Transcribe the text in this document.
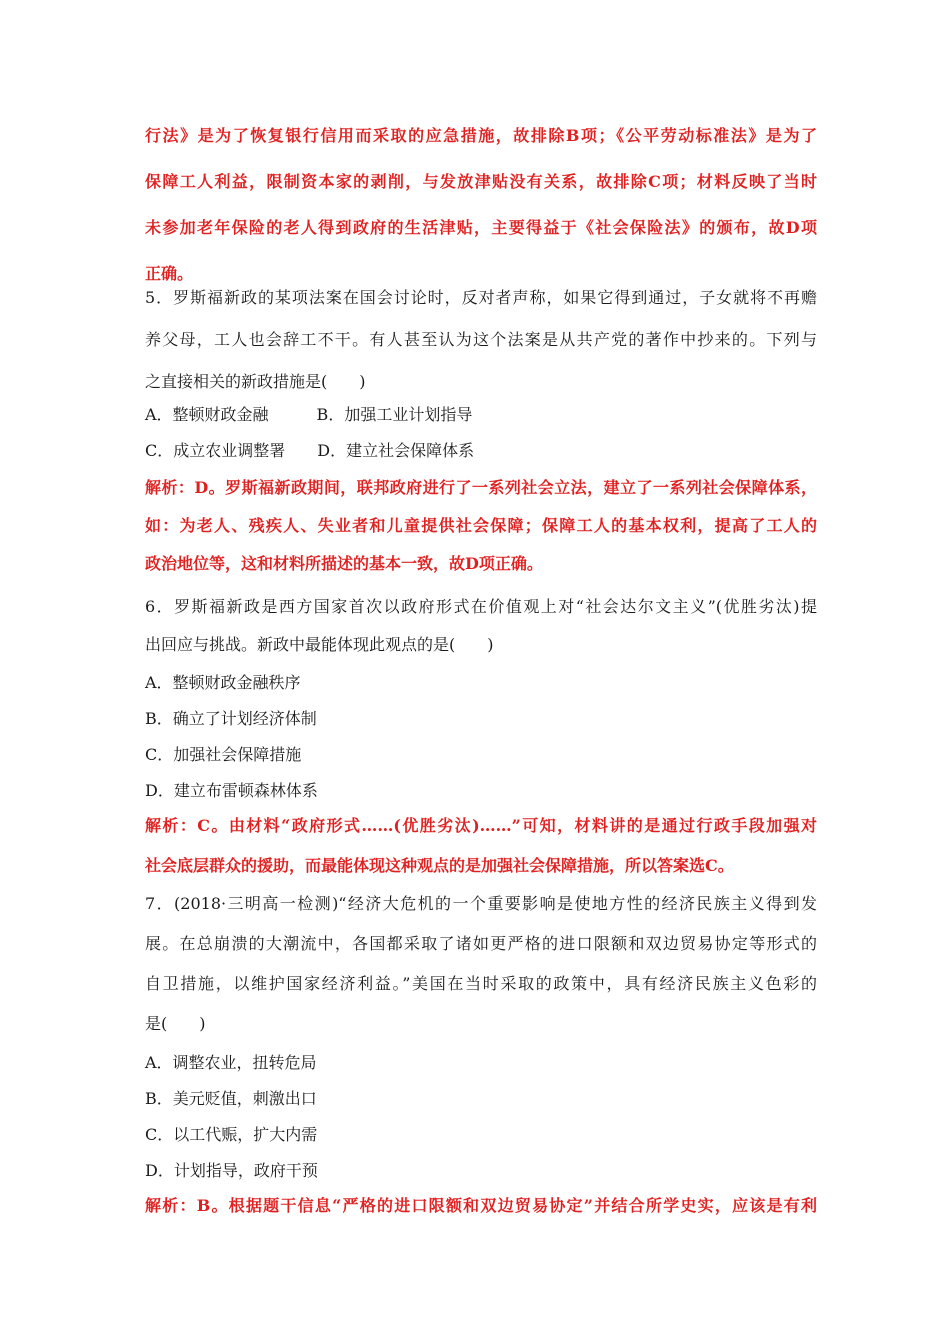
行法》是为了恢复银行信用而采取的应急措施，故排除B项；《公平劳动标准法》是为了
保障工人利益，限制资本家的剥削，与发放津贴没有关系，故排除C项；材料反映了当时
未参加老年保险的老人得到政府的生活津贴，主要得益于《社会保险法》的颁布，故D项
正确。
5．罗斯福新政的某项法案在国会讨论时，反对者声称，如果它得到通过，子女就将不再赡
养父母，工人也会辞工不干。有人甚至认为这个法案是从共产党的著作中抄来的。下列与
之直接相关的新政措施是(　　)
A．整顿财政金融　　　B．加强工业计划指导
C．成立农业调整署　　D．建立社会保障体系
解析：D。罗斯福新政期间，联邦政府进行了一系列社会立法，建立了一系列社会保障体系，
如：为老人、残疾人、失业者和儿童提供社会保障；保障工人的基本权利，提高了工人的
政治地位等，这和材料所描述的基本一致，故D项正确。
6．罗斯福新政是西方国家首次以政府形式在价值观上对“社会达尔文主义”(优胜劣汰)提
出回应与挑战。新政中最能体现此观点的是(　　)
A．整顿财政金融秩序
B．确立了计划经济体制
C．加强社会保障措施
D．建立布雷顿森林体系
解析：C。由材料“政府形式……(优胜劣汰)……”可知，材料讲的是通过行政手段加强对
社会底层群众的援助，而最能体现这种观点的是加强社会保障措施，所以答案选C。
7．(2018·三明高一检测)“经济大危机的一个重要影响是使地方性的经济民族主义得到发
展。在总崩溃的大潮流中，各国都采取了诸如更严格的进口限额和双边贸易协定等形式的
自卫措施，以维护国家经济利益。”美国在当时采取的政策中，具有经济民族主义色彩的
是(　　)
A．调整农业，扭转危局
B．美元贬值，刺激出口
C．以工代赈，扩大内需
D．计划指导，政府干预
解析：B。根据题干信息“严格的进口限额和双边贸易协定”并结合所学史实，应该是有利
